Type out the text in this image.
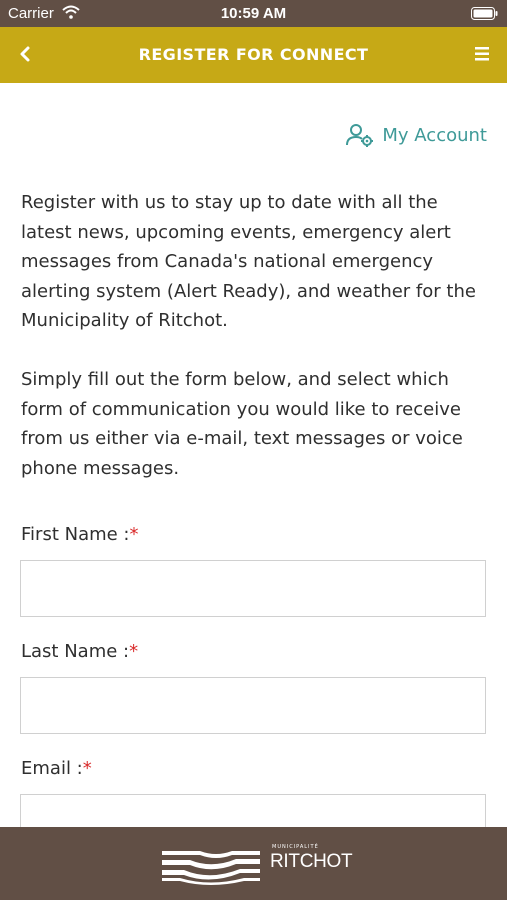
Carrier	10:59 AM
REGISTER FOR CONNECT
My Account

Register with us to stay up to date with all the latest news, upcoming events, emergency alert messages from Canada's national emergency alerting system (Alert Ready), and weather for the Municipality of Ritchot.

Simply fill out the form below, and select which form of communication you would like to receive from us either via e-mail, text messages or voice phone messages.

First Name :*
Last Name :*
Email :*
MUNICIPALITÉ
RITCHOT
